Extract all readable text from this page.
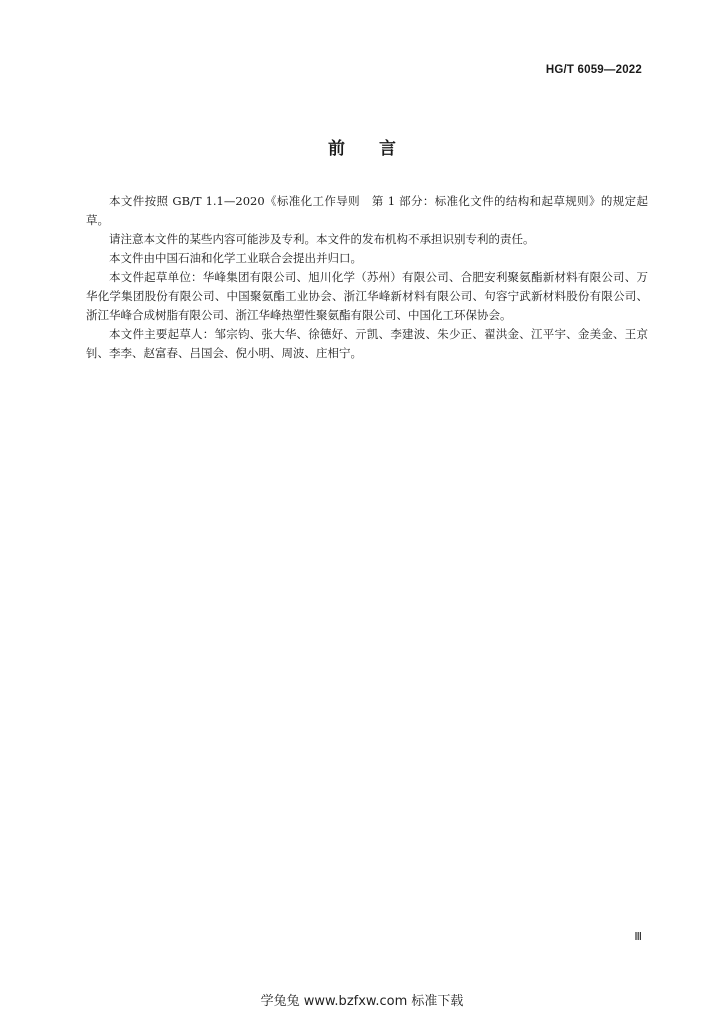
HG/T 6059—2022
前言

本文件按照 GB/T 1.1—2020《标准化工作导则　第 1 部分：标准化文件的结构和起草规则》的规定起草。

请注意本文件的某些内容可能涉及专利。本文件的发布机构不承担识别专利的责任。

本文件由中国石油和化学工业联合会提出并归口。

本文件起草单位：华峰集团有限公司、旭川化学（苏州）有限公司、合肥安利聚氨酯新材料有限公司、万华化学集团股份有限公司、中国聚氨酯工业协会、浙江华峰新材料有限公司、句容宁武新材料股份有限公司、浙江华峰合成树脂有限公司、浙江华峰热塑性聚氨酯有限公司、中国化工环保协会。

本文件主要起草人：邹宗钧、张大华、徐德好、亓凯、李建波、朱少正、翟洪金、江平宇、金美金、王京钊、李李、赵富春、吕国会、倪小明、周波、庄相宁。

Ⅲ
学兔兔 www.bzfxw.com 标准下载
